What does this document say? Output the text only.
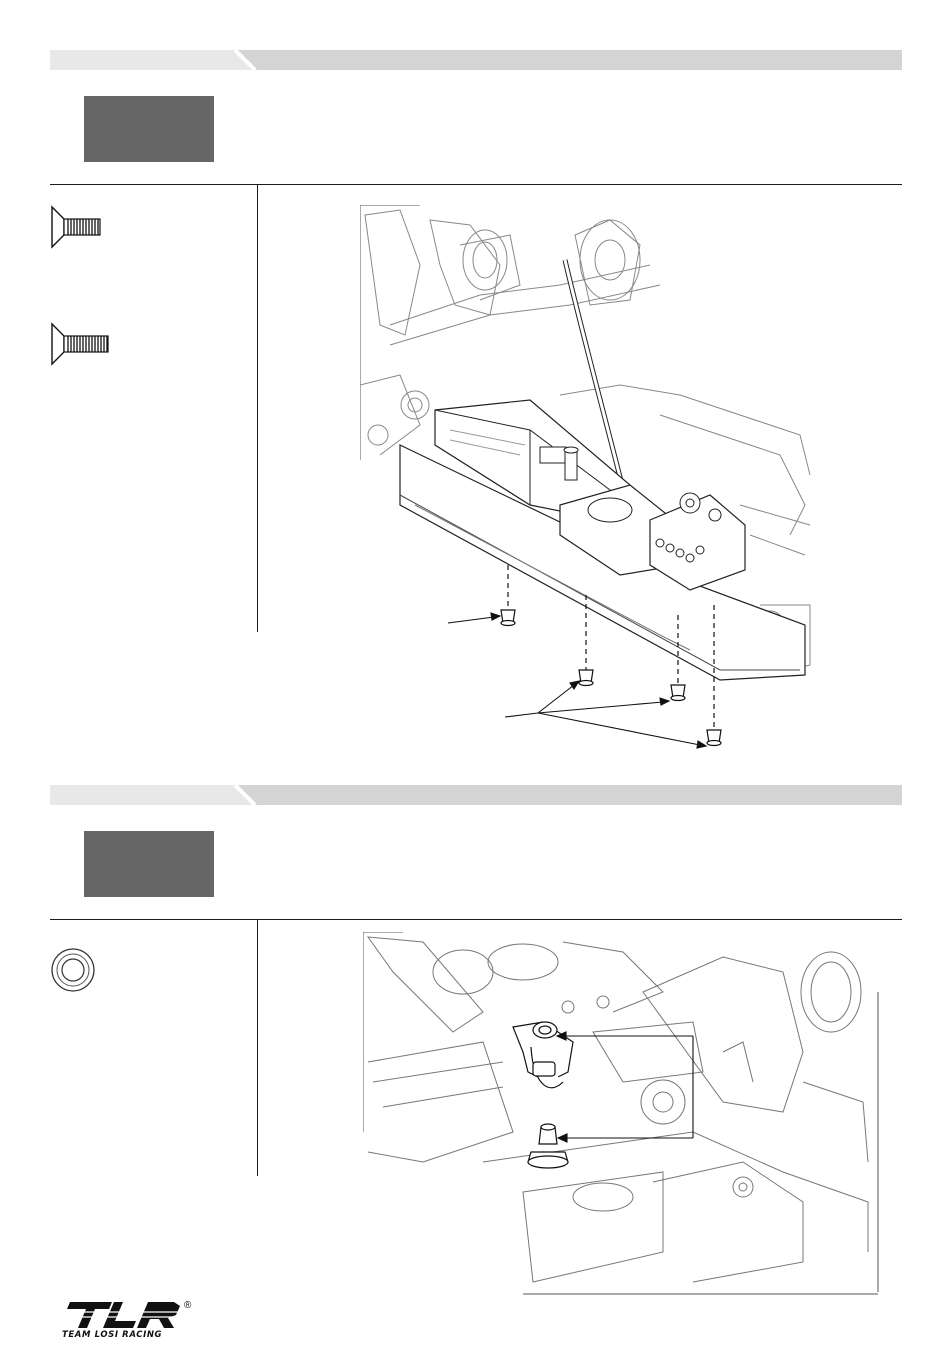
®
TEAM LOSI RACING
